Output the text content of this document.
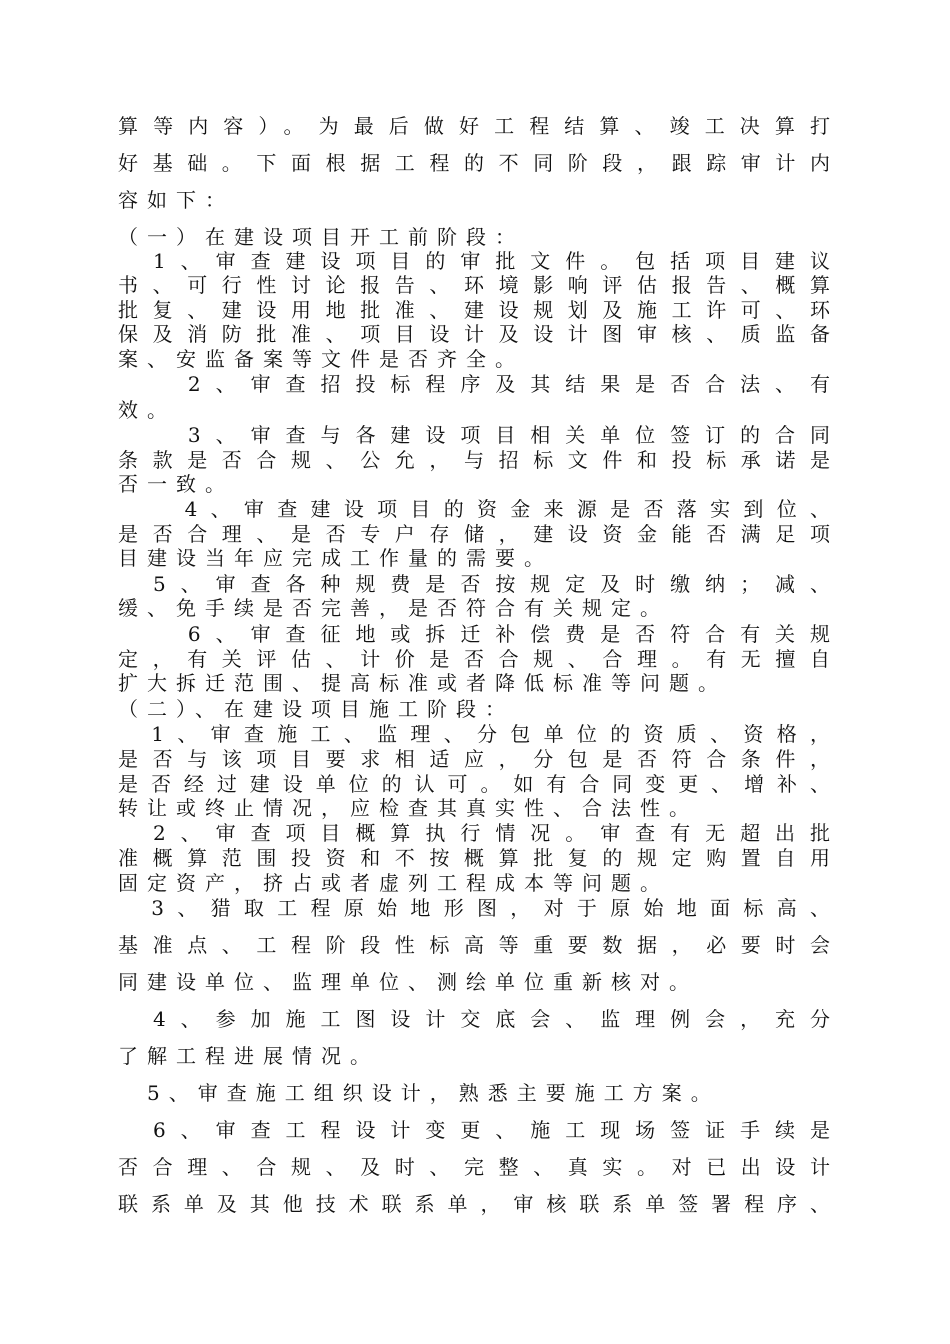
算等内容）。为最后做好工程结算、竣工决算打
好基础。下面根据工程的不同阶段，跟踪审计内
容如下：
（一）在建设项目开工前阶段：
　1、审查建设项目的审批文件。包括项目建议
书、可行性讨论报告、环境影响评估报告、概算
批复、建设用地批准、建设规划及施工许可、环
保及消防批准、项目设计及设计图审核、质监备
案、安监备案等文件是否齐全。
　　2、审查招投标程序及其结果是否合法、有
效。
　　3、审查与各建设项目相关单位签订的合同
条款是否合规、公允，与招标文件和投标承诺是
否一致。
　　4、审查建设项目的资金来源是否落实到位、
是否合理、是否专户存储，建设资金能否满足项
目建设当年应完成工作量的需要。
　5、审查各种规费是否按规定及时缴纳；减、
缓、免手续是否完善，是否符合有关规定。
　　6、审查征地或拆迁补偿费是否符合有关规
定，有关评估、计价是否合规、合理。有无擅自
扩大拆迁范围、提高标准或者降低标准等问题。
（二）、在建设项目施工阶段：
　1、审查施工、监理、分包单位的资质、资格，
是否与该项目要求相适应，分包是否符合条件，
是否经过建设单位的认可。如有合同变更、增补、
转让或终止情况，应检查其真实性、合法性。
　2、审查项目概算执行情况。审查有无超出批
准概算范围投资和不按概算批复的规定购置自用
固定资产，挤占或者虚列工程成本等问题。
　3、猎取工程原始地形图，对于原始地面标高、
基准点、工程阶段性标高等重要数据，必要时会
同建设单位、监理单位、测绘单位重新核对。
　4、参加施工图设计交底会、监理例会，充分
了解工程进展情况。
　5、审查施工组织设计，熟悉主要施工方案。
　6、审查工程设计变更、施工现场签证手续是
否合理、合规、及时、完整、真实。对已出设计
联系单及其他技术联系单，审核联系单签署程序、
